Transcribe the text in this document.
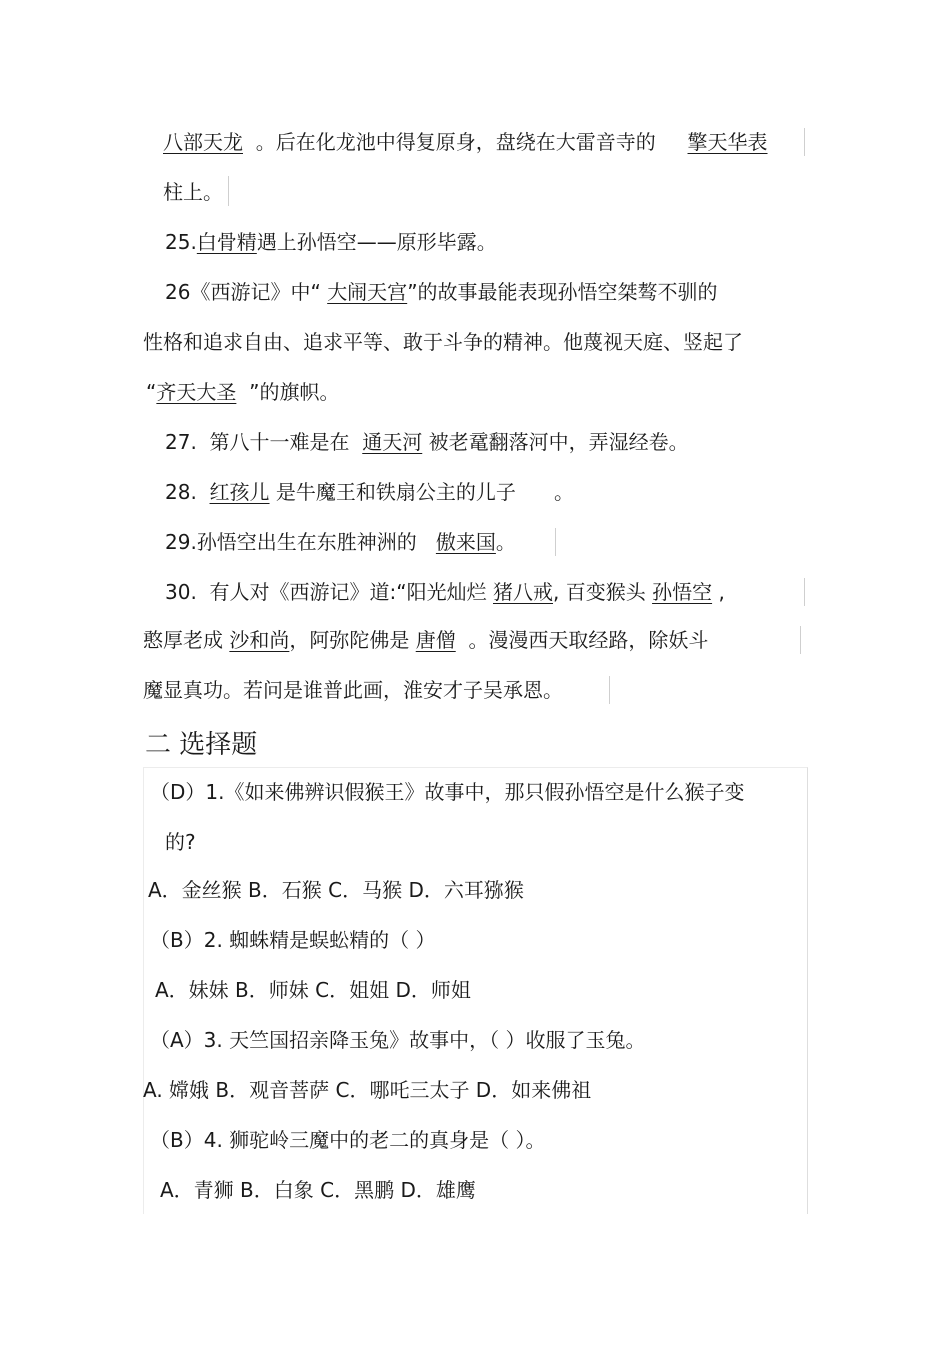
八部天龙 。后在化龙池中得复原身，盘绕在大雷音寺的 擎天华表
柱上。
25.白骨精遇上孙悟空——原形毕露。
26《西游记》中“ 大闹天宫”的故事最能表现孙悟空桀骜不驯的
性格和追求自由、追求平等、敢于斗争的精神。他蔑视天庭、竖起了
“齐天大圣 ”的旗帜。
27. 第八十一难是在 通天河 被老鼋翻落河中，弄湿经卷。
28. 红孩儿 是牛魔王和铁扇公主的儿子 。
29.孙悟空出生在东胜神洲的 傲来国。
30. 有人对《西游记》道:“阳光灿烂 猪八戒, 百变猴头 孙悟空 ,
憨厚老成 沙和尚，阿弥陀佛是 唐僧 。漫漫西天取经路，除妖斗
魔显真功。若问是谁普此画，淮安才子吴承恩。
二 选择题
（D）1.《如来佛辨识假猴王》故事中，那只假孙悟空是什么猴子变
的?
A．金丝猴 B．石猴 C．马猴 D．六耳猕猴
（B）2. 蜘蛛精是蜈蚣精的（ ）
A．妹妹 B．师妹 C．姐姐 D．师姐
（A）3. 天竺国招亲降玉兔》故事中，（ ）收服了玉兔。
A. 嫦娥 B．观音菩萨 C．哪吒三太子 D．如来佛祖
（B）4. 狮驼岭三魔中的老二的真身是（ ）。
A．青狮 B．白象 C．黑鹏 D．雄鹰
